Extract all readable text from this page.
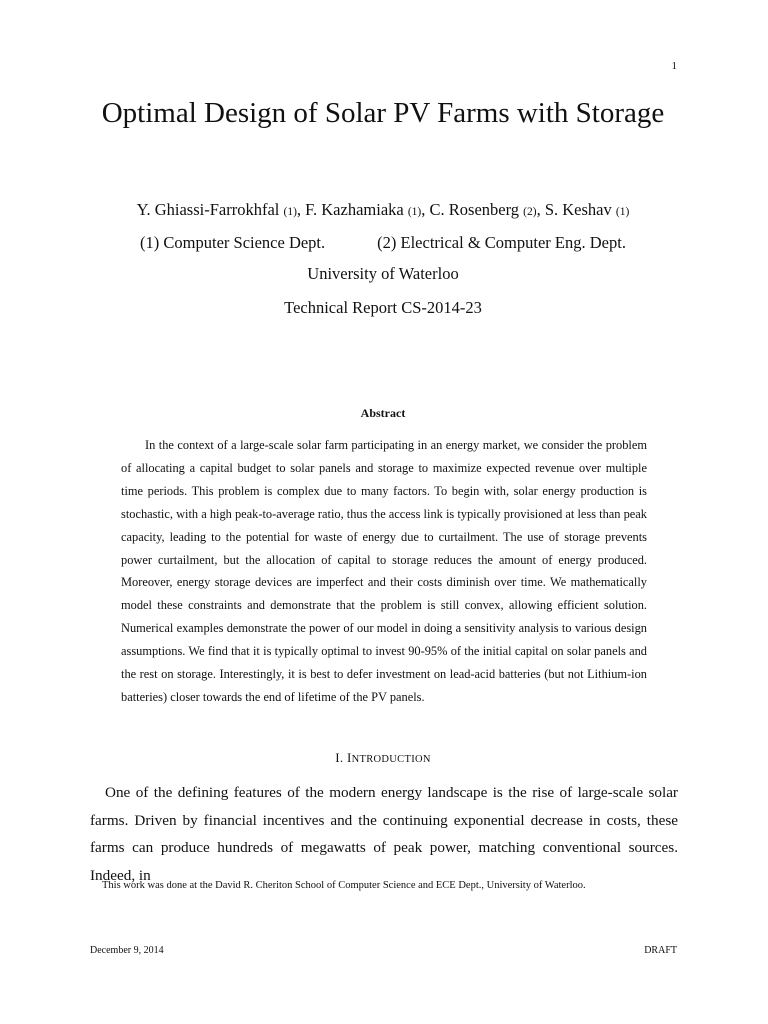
1
Optimal Design of Solar PV Farms with Storage
Y. Ghiassi-Farrokhfal (1), F. Kazhamiaka (1), C. Rosenberg (2), S. Keshav (1)
(1) Computer Science Dept.	(2) Electrical & Computer Eng. Dept.
University of Waterloo
Technical Report CS-2014-23
Abstract

In the context of a large-scale solar farm participating in an energy market, we consider the problem of allocating a capital budget to solar panels and storage to maximize expected revenue over multiple time periods. This problem is complex due to many factors. To begin with, solar energy production is stochastic, with a high peak-to-average ratio, thus the access link is typically provisioned at less than peak capacity, leading to the potential for waste of energy due to curtailment. The use of storage prevents power curtailment, but the allocation of capital to storage reduces the amount of energy produced. Moreover, energy storage devices are imperfect and their costs diminish over time. We mathematically model these constraints and demonstrate that the problem is still convex, allowing efficient solution. Numerical examples demonstrate the power of our model in doing a sensitivity analysis to various design assumptions. We find that it is typically optimal to invest 90-95% of the initial capital on solar panels and the rest on storage. Interestingly, it is best to defer investment on lead-acid batteries (but not Lithium-ion batteries) closer towards the end of lifetime of the PV panels.

I. INTRODUCTION

One of the defining features of the modern energy landscape is the rise of large-scale solar farms. Driven by financial incentives and the continuing exponential decrease in costs, these farms can produce hundreds of megawatts of peak power, matching conventional sources. Indeed, in

This work was done at the David R. Cheriton School of Computer Science and ECE Dept., University of Waterloo.
December 9, 2014	DRAFT
